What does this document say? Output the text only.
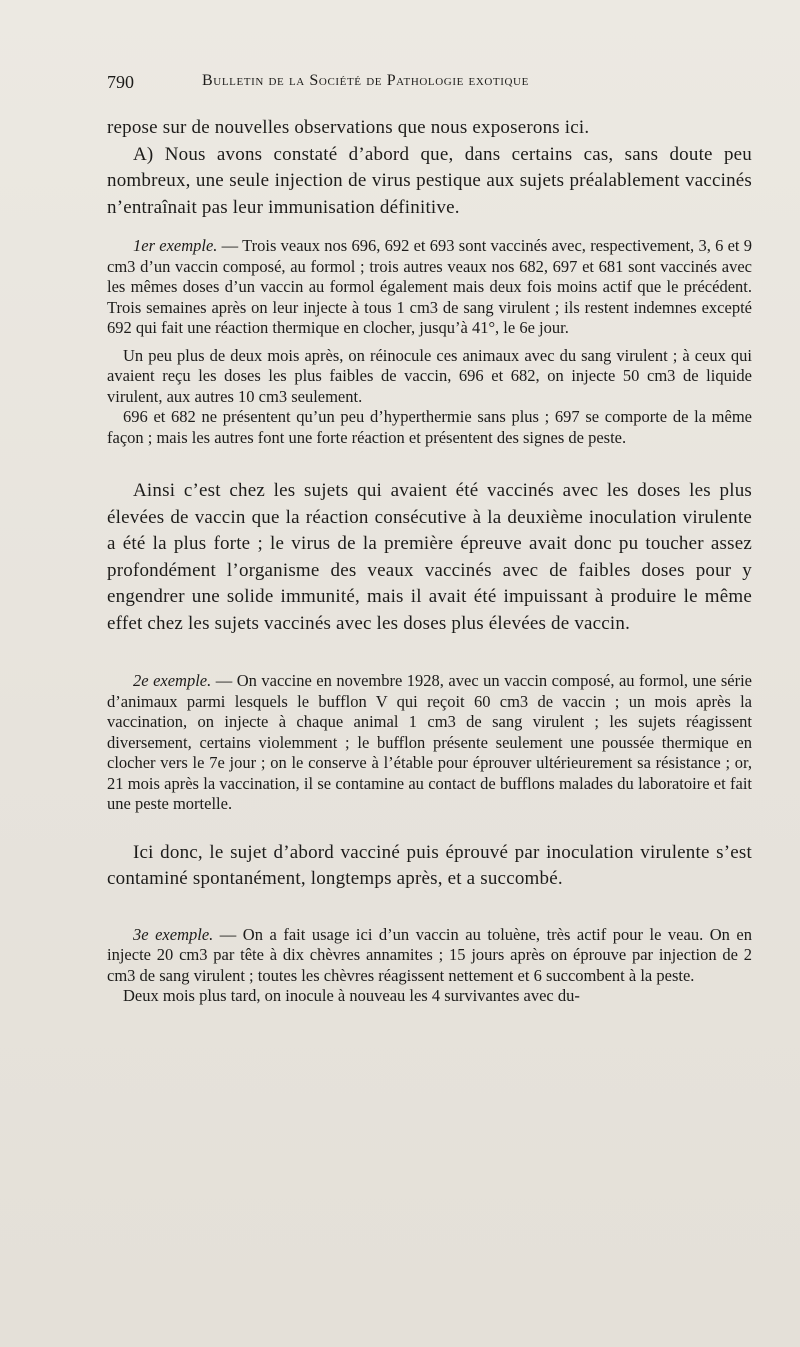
790	Bulletin de la Société de Pathologie exotique

repose sur de nouvelles observations que nous exposerons ici.

A) Nous avons constaté d’abord que, dans certains cas, sans doute peu nombreux, une seule injection de virus pestique aux sujets préalablement vaccinés n’entraînait pas leur immunisation définitive.

1er exemple. — Trois veaux nos 696, 692 et 693 sont vaccinés avec, respectivement, 3, 6 et 9 cm3 d’un vaccin composé, au formol ; trois autres veaux nos 682, 697 et 681 sont vaccinés avec les mêmes doses d’un vaccin au formol également mais deux fois moins actif que le précédent. Trois semaines après on leur injecte à tous 1 cm3 de sang virulent ; ils restent indemnes excepté 692 qui fait une réaction thermique en clocher, jusqu’à 41°, le 6e jour.

Un peu plus de deux mois après, on réinocule ces animaux avec du sang virulent ; à ceux qui avaient reçu les doses les plus faibles de vaccin, 696 et 682, on injecte 50 cm3 de liquide virulent, aux autres 10 cm3 seulement.

696 et 682 ne présentent qu’un peu d’hyperthermie sans plus ; 697 se comporte de la même façon ; mais les autres font une forte réaction et présentent des signes de peste.

Ainsi c’est chez les sujets qui avaient été vaccinés avec les doses les plus élevées de vaccin que la réaction consécutive à la deuxième inoculation virulente a été la plus forte ; le virus de la première épreuve avait donc pu toucher assez profondément l’organisme des veaux vaccinés avec de faibles doses pour y engendrer une solide immunité, mais il avait été impuissant à produire le même effet chez les sujets vaccinés avec les doses plus élevées de vaccin.

2e exemple. — On vaccine en novembre 1928, avec un vaccin composé, au formol, une série d’animaux parmi lesquels le bufflon V qui reçoit 60 cm3 de vaccin ; un mois après la vaccination, on injecte à chaque animal 1 cm3 de sang virulent ; les sujets réagissent diversement, certains violemment ; le bufflon présente seulement une poussée thermique en clocher vers le 7e jour ; on le conserve à l’étable pour éprouver ultérieurement sa résistance ; or, 21 mois après la vaccination, il se contamine au contact de bufflons malades du laboratoire et fait une peste mortelle.

Ici donc, le sujet d’abord vacciné puis éprouvé par inoculation virulente s’est contaminé spontanément, longtemps après, et a succombé.

3e exemple. — On a fait usage ici d’un vaccin au toluène, très actif pour le veau. On en injecte 20 cm3 par tête à dix chèvres annamites ; 15 jours après on éprouve par injection de 2 cm3 de sang virulent ; toutes les chèvres réagissent nettement et 6 succombent à la peste.

Deux mois plus tard, on inocule à nouveau les 4 survivantes avec du-
